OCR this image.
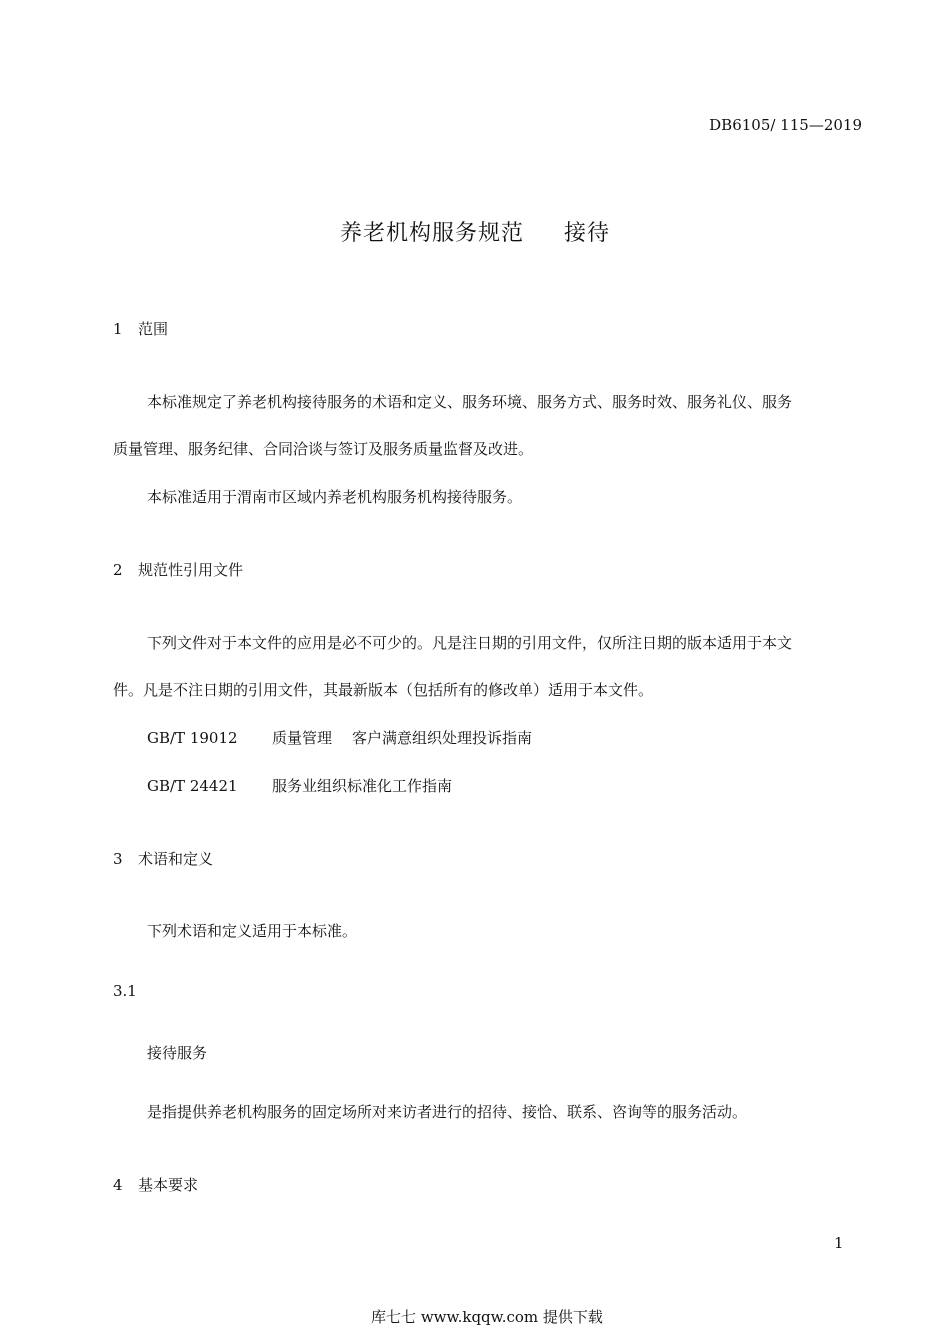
DB6105/ 115—2019
养老机构服务规范 接待
1 范围
本标准规定了养老机构接待服务的术语和定义、服务环境、服务方式、服务时效、服务礼仪、服务
质量管理、服务纪律、合同洽谈与签订及服务质量监督及改进。
本标准适用于渭南市区域内养老机构服务机构接待服务。
2 规范性引用文件
下列文件对于本文件的应用是必不可少的。凡是注日期的引用文件，仅所注日期的版本适用于本文
件。凡是不注日期的引用文件，其最新版本（包括所有的修改单）适用于本文件。
GB/T 19012 质量管理 客户满意组织处理投诉指南
GB/T 24421 服务业组织标准化工作指南
3 术语和定义
下列术语和定义适用于本标准。
3.1
接待服务
是指提供养老机构服务的固定场所对来访者进行的招待、接恰、联系、咨询等的服务活动。
4 基本要求
1
库七七 www.kqqw.com 提供下载
